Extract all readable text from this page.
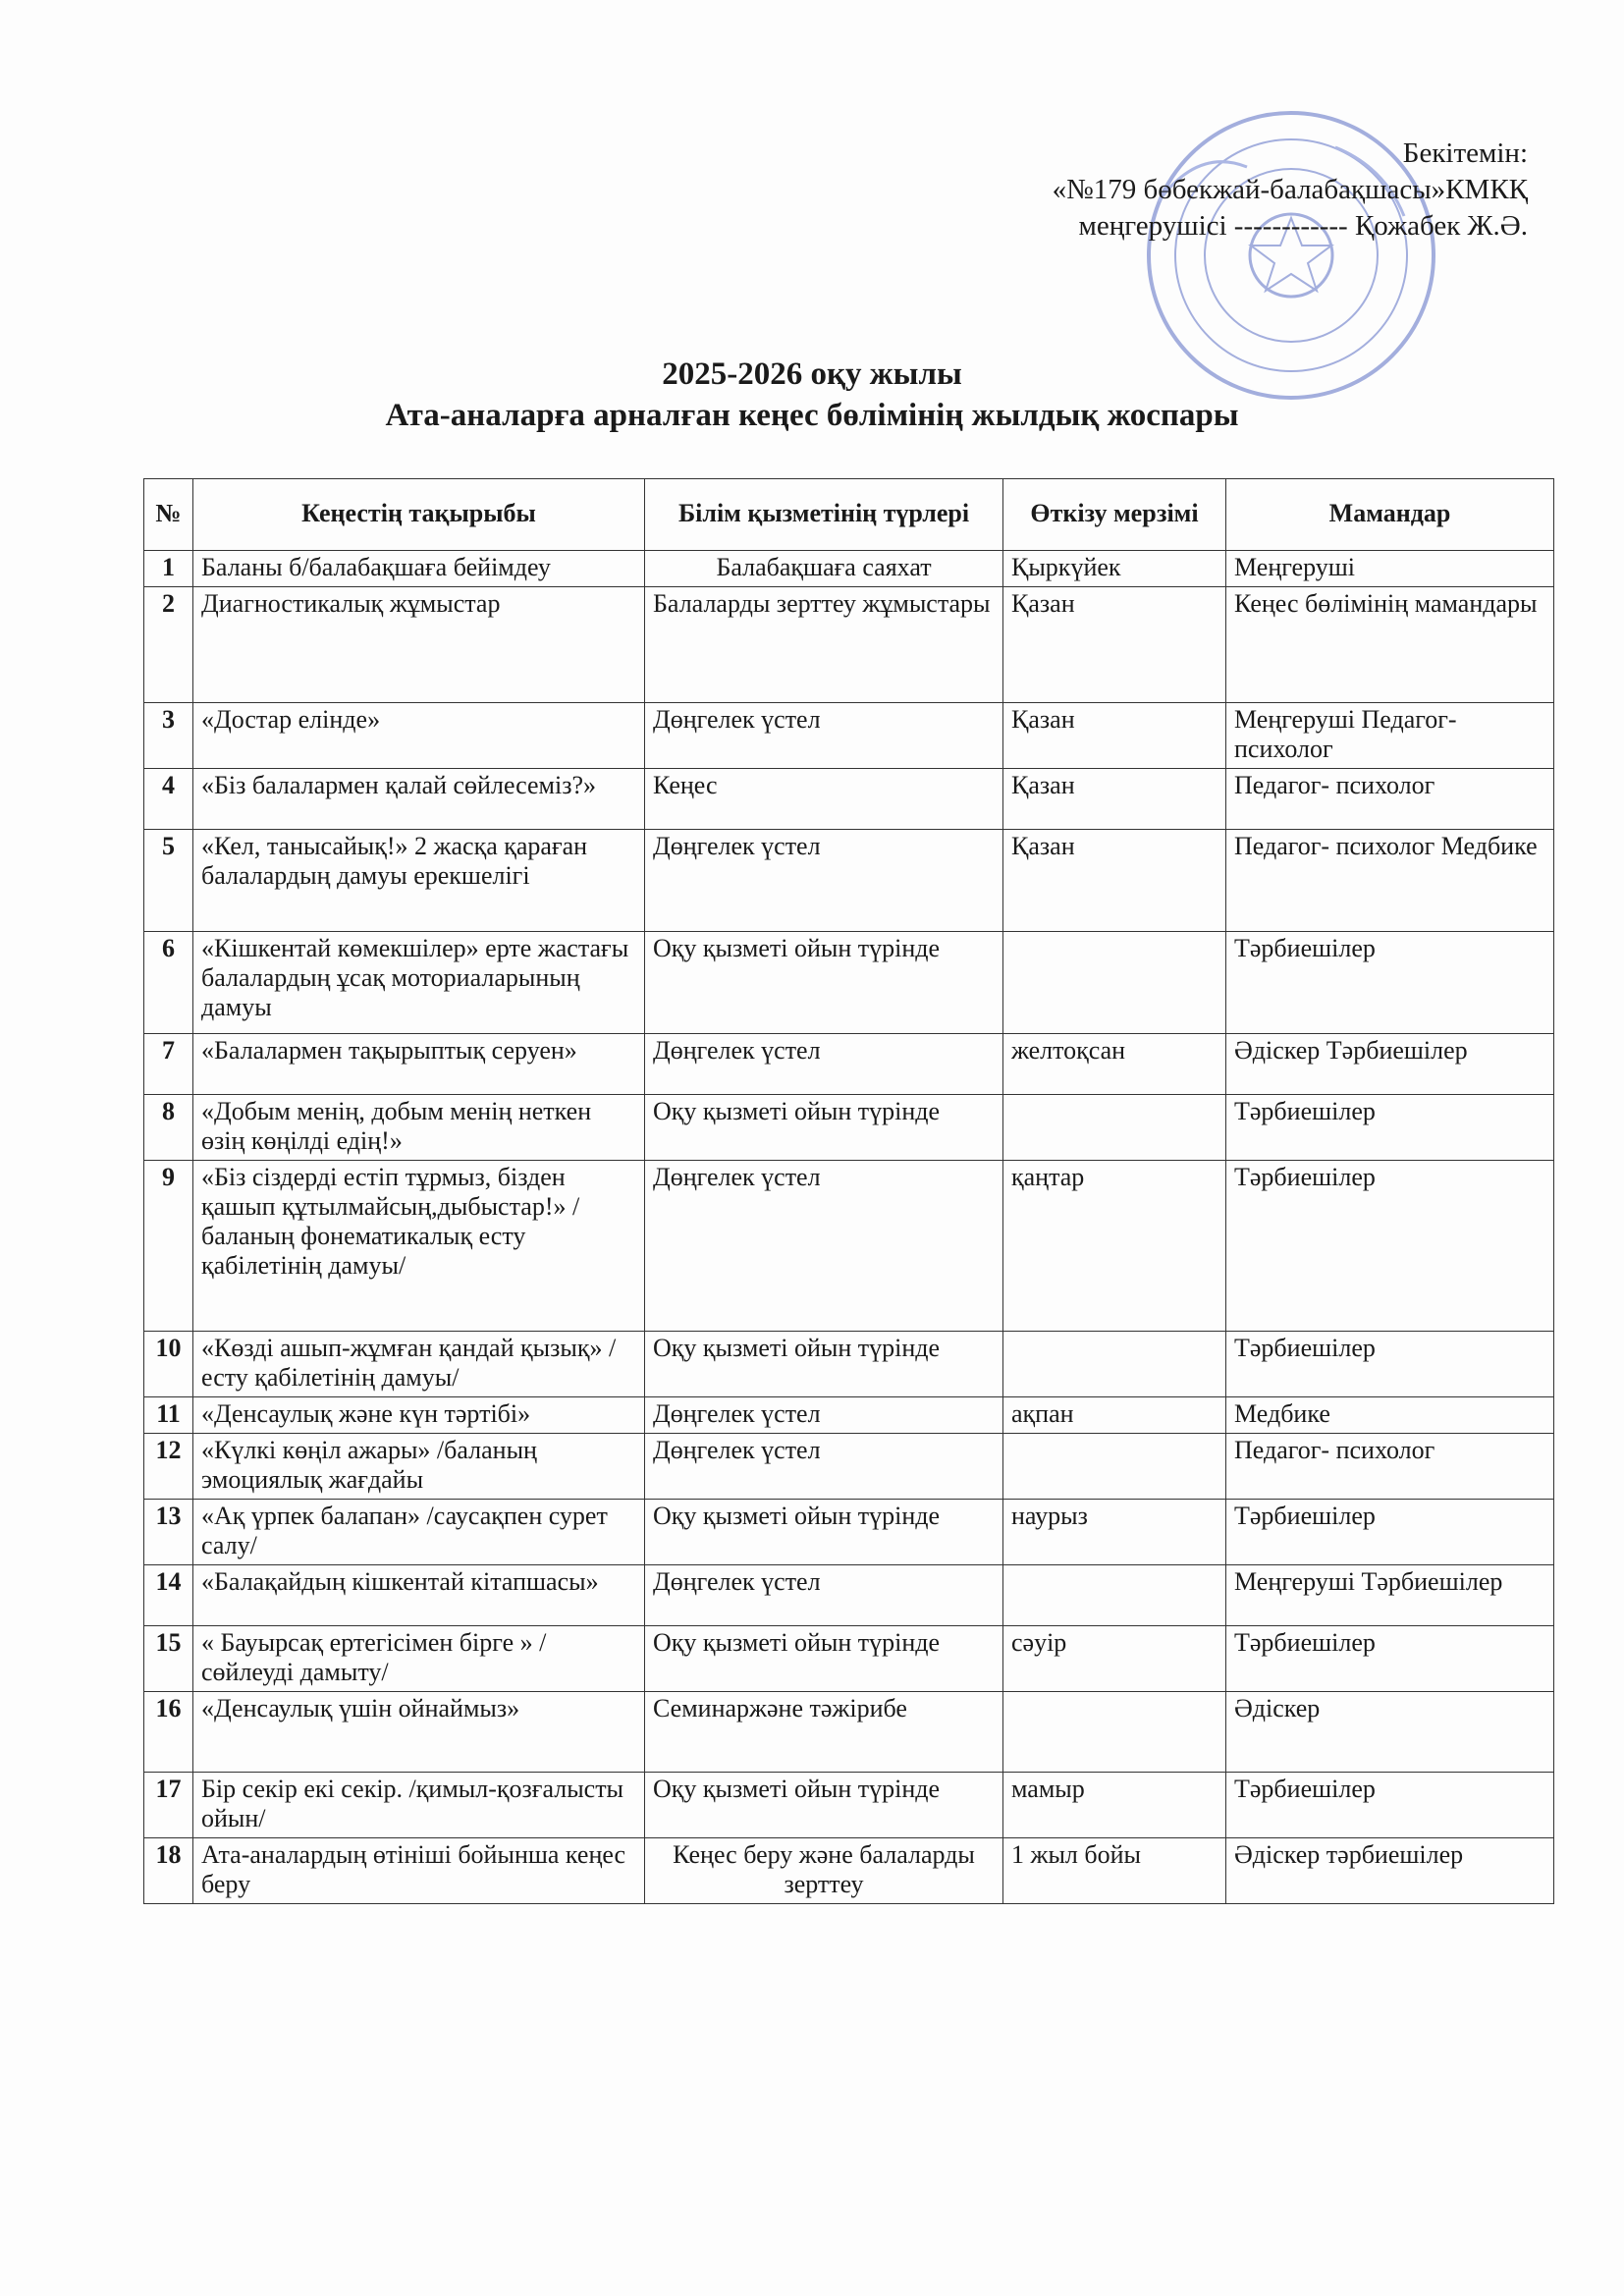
Бекітемін:
«№179 бөбекжай-балабақшасы»КМКҚ
меңгерушісі ------------ Қожабек Ж.Ә.
2025-2026 оқу жылы
Ата-аналарға арналған кеңес бөлімінің жылдық жоспары
№	Кеңестің тақырыбы	Білім қызметінің түрлері	Өткізу мерзімі	Мамандар
1	Баланы б/балабақшаға бейімдеу	Балабақшаға саяхат	Қыркүйек	Меңгеруші
2	Диагностикалық жұмыстар	Балаларды зерттеу жұмыстары	Қазан	Кеңес бөлімінің мамандары
3	«Достар елінде»	Дөңгелек үстел	Қазан	Меңгеруші Педагог-психолог
4	«Біз балалармен қалай сөйлесеміз?»	Кеңес	Қазан	Педагог- психолог
5	«Кел, танысайық!» 2 жасқа қараған балалардың дамуы ерекшелігі	Дөңгелек үстел	Қазан	Педагог- психолог Медбике
6	«Кішкентай көмекшілер» ерте жастағы балалардың ұсақ моториаларының дамуы	Оқу қызметі ойын түрінде		Тәрбиешілер
7	«Балалармен тақырыптық серуен»	Дөңгелек үстел	желтоқсан	Әдіскер Тәрбиешілер
8	«Добым менің, добым менің неткен өзің көңілді едің!»	Оқу қызметі ойын түрінде		Тәрбиешілер
9	«Біз сіздерді естіп тұрмыз, бізден қашып құтылмайсың,дыбыстар!» /баланың фонематикалық есту қабілетінің дамуы/	Дөңгелек үстел	қаңтар	Тәрбиешілер
10	«Көзді ашып-жұмған қандай қызық» /есту қабілетінің дамуы/	Оқу қызметі ойын түрінде		Тәрбиешілер
11	«Денсаулық және күн тәртібі»	Дөңгелек үстел	ақпан	Медбике
12	«Күлкі көңіл ажары» /баланың эмоциялық жағдайы	Дөңгелек үстел		Педагог- психолог
13	«Ақ үрпек балапан» /саусақпен сурет салу/	Оқу қызметі ойын түрінде	наурыз	Тәрбиешілер
14	«Балақайдың кішкентай кітапшасы»	Дөңгелек үстел		Меңгеруші Тәрбиешілер
15	« Бауырсақ ертегісімен бірге » /сөйлеуді дамыту/	Оқу қызметі ойын түрінде	сәуір	Тәрбиешілер
16	«Денсаулық үшін ойнаймыз»	Семинаржәне тәжірибе		Әдіскер
17	Бір секір екі секір. /қимыл-қозғалысты ойын/	Оқу қызметі ойын түрінде	мамыр	Тәрбиешілер
18	Ата-аналардың өтініші бойынша кеңес беру	Кеңес беру және балаларды зерттеу	1 жыл бойы	Әдіскер тәрбиешілер
